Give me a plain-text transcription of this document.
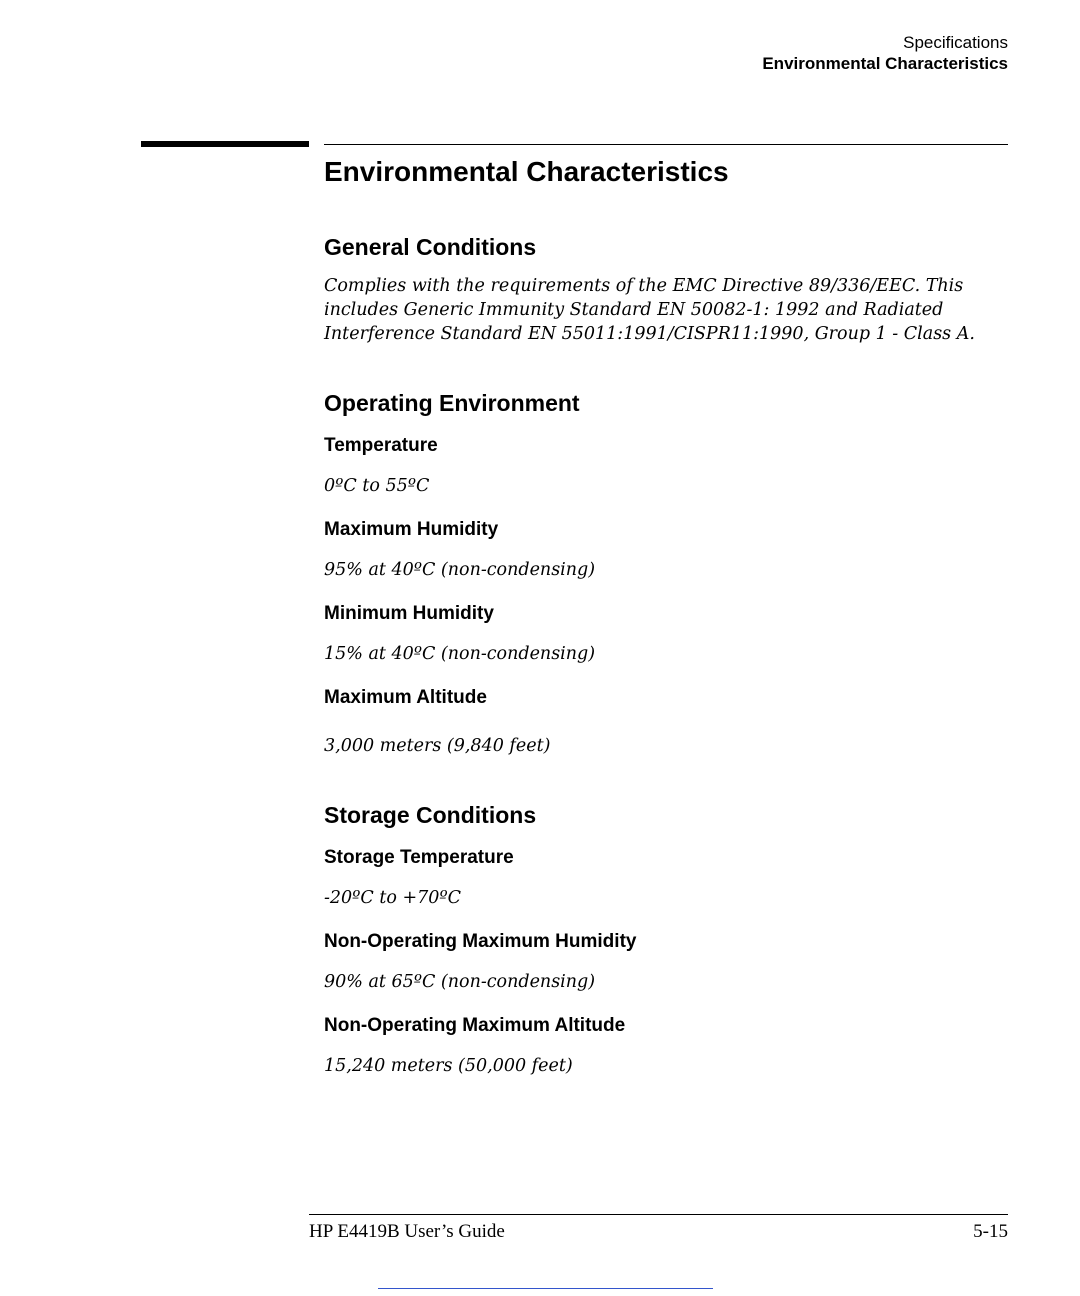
Specifications
Environmental Characteristics
Environmental Characteristics
General Conditions

Complies with the requirements of the EMC Directive 89/336/EEC. This

includes Generic Immunity Standard EN 50082-1: 1992 and Radiated

Interference Standard EN 55011:1991/CISPR11:1990, Group 1 - Class A.

Operating Environment
Temperature

0ºC to 55ºC

Maximum Humidity

95% at 40ºC (non-condensing)

Minimum Humidity

15% at 40ºC (non-condensing)

Maximum Altitude

3,000 meters (9,840 feet)

Storage Conditions
Storage Temperature

-20ºC to +70ºC

Non-Operating Maximum Humidity

90% at 65ºC (non-condensing)

Non-Operating Maximum Altitude

15,240 meters (50,000 feet)

HP E4419B User’s Guide	5-15
